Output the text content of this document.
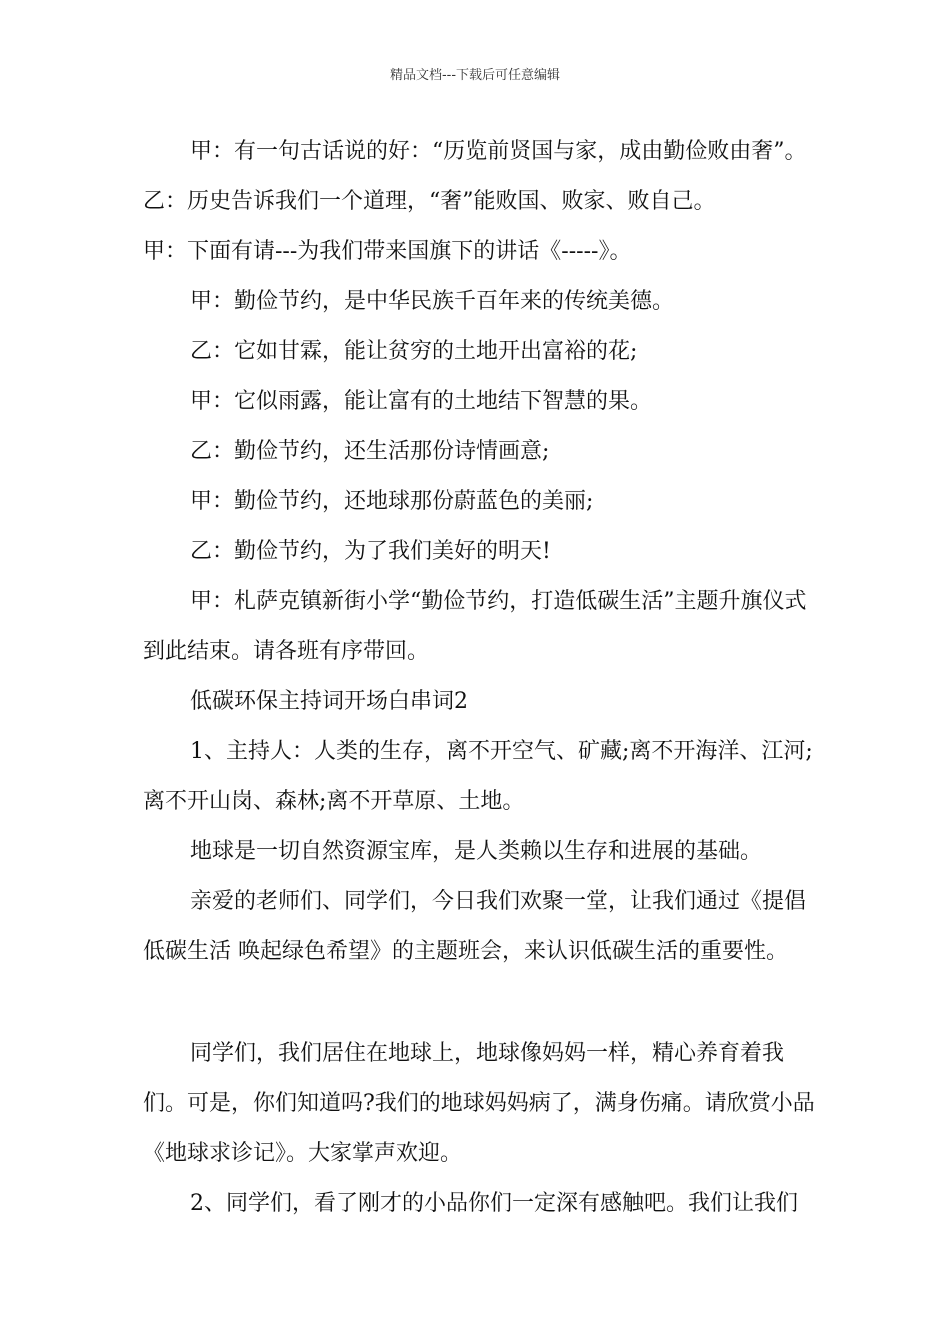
精品文档---下载后可任意编辑

甲：有一句古话说的好：“历览前贤国与家，成由勤俭败由奢”。 乙：历史告诉我们一个道理，“奢”能败国、败家、败自己。

甲：下面有请---为我们带来国旗下的讲话《-----》。

甲：勤俭节约，是中华民族千百年来的传统美德。

乙：它如甘霖，能让贫穷的土地开出富裕的花;

甲：它似雨露，能让富有的土地结下智慧的果。

乙：勤俭节约，还生活那份诗情画意;

甲：勤俭节约，还地球那份蔚蓝色的美丽;

乙：勤俭节约，为了我们美好的明天!

甲：札萨克镇新街小学“勤俭节约，打造低碳生活”主题升旗仪式到此结束。请各班有序带回。

低碳环保主持词开场白串词2

1、主持人：人类的生存，离不开空气、矿藏;离不开海洋、江河; 离不开山岗、森林;离不开草原、土地。

地球是一切自然资源宝库，是人类赖以生存和进展的基础。

亲爱的老师们、同学们，今日我们欢聚一堂，让我们通过《提倡低碳生活 唤起绿色希望》的主题班会，来认识低碳生活的重要性。

同学们，我们居住在地球上，地球像妈妈一样，精心养育着我们。可是，你们知道吗?我们的地球妈妈病了，满身伤痛。请欣赏小品《地球求诊记》。大家掌声欢迎。

2、同学们，看了刚才的小品你们一定深有感触吧。我们让我们
